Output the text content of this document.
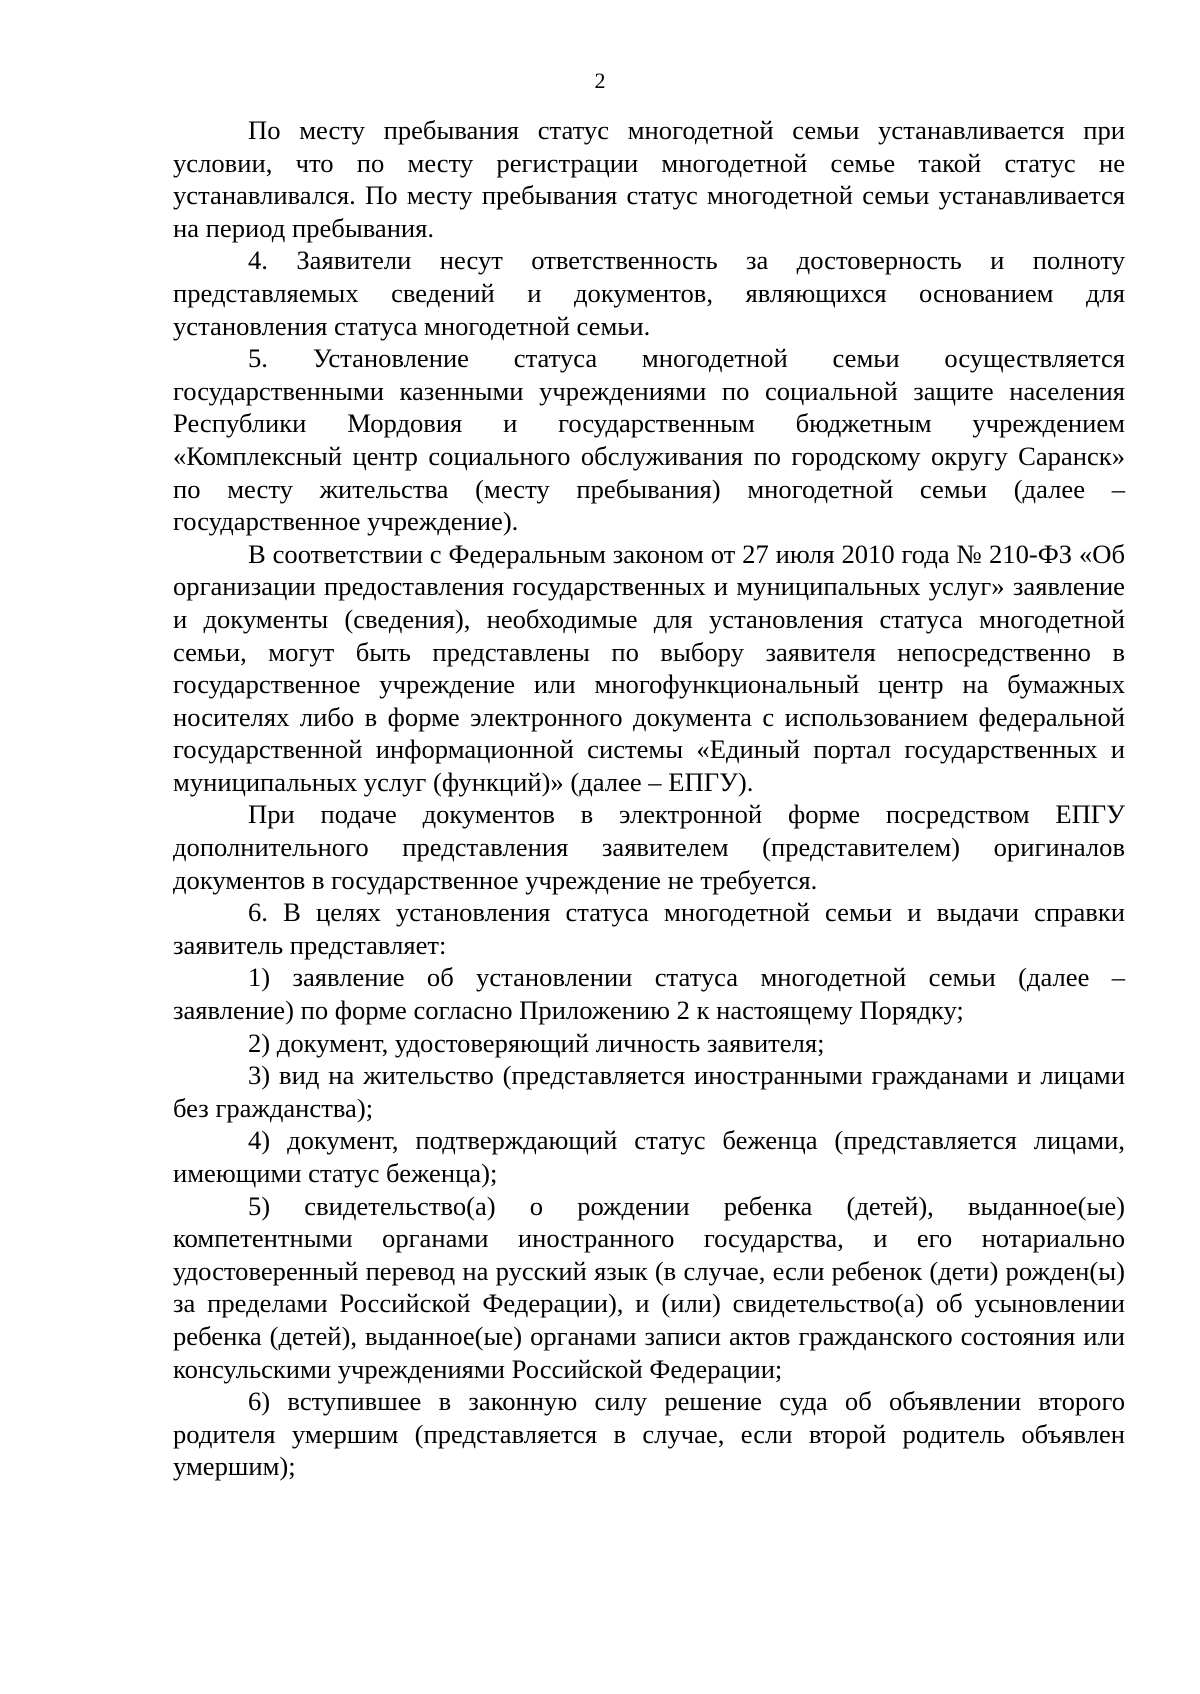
2

По месту пребывания статус многодетной семьи устанавливается при условии, что по месту регистрации многодетной семье такой статус не устанавливался. По месту пребывания статус многодетной семьи устанавливается на период пребывания.

4. Заявители несут ответственность за достоверность и полноту представляемых сведений и документов, являющихся основанием для установления статуса многодетной семьи.

5. Установление статуса многодетной семьи осуществляется государственными казенными учреждениями по социальной защите населения Республики Мордовия и государственным бюджетным учреждением «Комплексный центр социального обслуживания по городскому округу Саранск» по месту жительства (месту пребывания) многодетной семьи (далее – государственное учреждение).

В соответствии с Федеральным законом от 27 июля 2010 года № 210-ФЗ «Об организации предоставления государственных и муниципальных услуг» заявление и документы (сведения), необходимые для установления статуса многодетной семьи, могут быть представлены по выбору заявителя непосредственно в государственное учреждение или многофункциональный центр на бумажных носителях либо в форме электронного документа с использованием федеральной государственной информационной системы «Единый портал государственных и муниципальных услуг (функций)» (далее – ЕПГУ).

При подаче документов в электронной форме посредством ЕПГУ дополнительного представления заявителем (представителем) оригиналов документов в государственное учреждение не требуется.

6. В целях установления статуса многодетной семьи и выдачи справки заявитель представляет:

1) заявление об установлении статуса многодетной семьи (далее – заявление) по форме согласно Приложению 2 к настоящему Порядку;

2) документ, удостоверяющий личность заявителя;

3) вид на жительство (представляется иностранными гражданами и лицами без гражданства);

4) документ, подтверждающий статус беженца (представляется лицами, имеющими статус беженца);

5) свидетельство(а) о рождении ребенка (детей), выданное(ые) компетентными органами иностранного государства, и его нотариально удостоверенный перевод на русский язык (в случае, если ребенок (дети) рожден(ы) за пределами Российской Федерации), и (или) свидетельство(а) об усыновлении ребенка (детей), выданное(ые) органами записи актов гражданского состояния или консульскими учреждениями Российской Федерации;

6) вступившее в законную силу решение суда об объявлении второго родителя умершим (представляется в случае, если второй родитель объявлен умершим);
